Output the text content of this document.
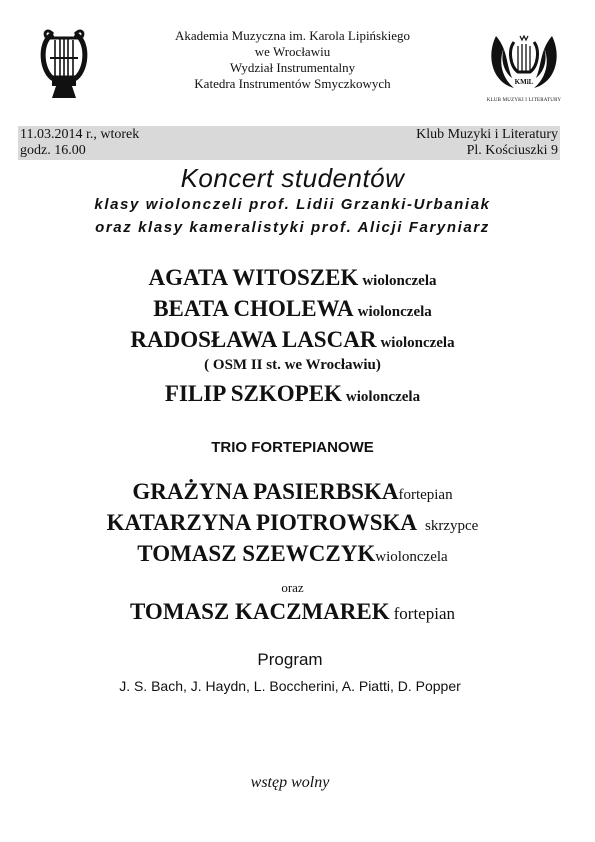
Akademia Muzyczna im. Karola Lipińskiego
we Wrocławiu
Wydział Instrumentalny
Katedra Instrumentów Smyczkowych	KMiL
KLUB MUZYKI I LITERATURY
11.03.2014 r., wtorek
godz. 16.00
Klub Muzyki i Literatury
Pl. Kościuszki 9
Koncert studentów
klasy wiolonczeli prof. Lidii Grzanki-Urbaniak
oraz klasy kameralistyki prof. Alicji Faryniarz
AGATA WITOSZEK wiolonczela
BEATA CHOLEWA wiolonczela
RADOSŁAWA LASCAR wiolonczela
( OSM II st. we Wrocławiu)
FILIP SZKOPEK wiolonczela
TRIO FORTEPIANOWE
GRAŻYNA PASIERBSKAfortepian
KATARZYNA PIOTROWSKA skrzypce
TOMASZ SZEWCZYKwiolonczela
oraz
TOMASZ KACZMAREK fortepian
Program
J. S. Bach, J. Haydn, L. Boccherini, A. Piatti, D. Popper
wstęp wolny
